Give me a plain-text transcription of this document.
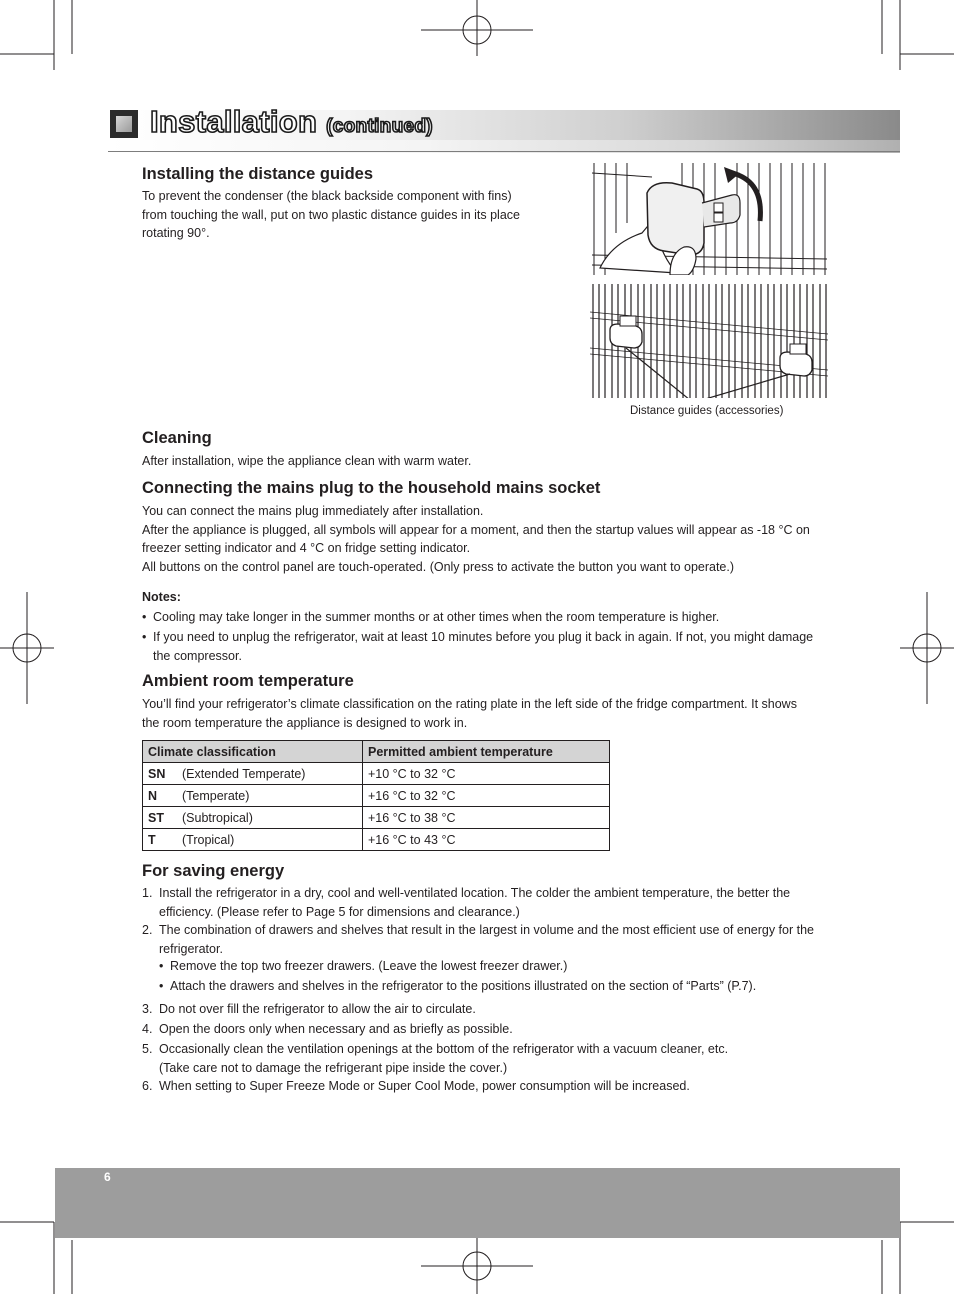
Installation (continued)
Installing the distance guides
To prevent the condenser (the black backside component with fins)
from touching the wall, put on two plastic distance guides in its place
rotating 90°.
Distance guides (accessories)
Cleaning
After installation, wipe the appliance clean with warm water.
Connecting the mains plug to the household mains socket
You can connect the mains plug immediately after installation.
After the appliance is plugged, all symbols will appear for a moment, and then the startup values will appear as -18 °C on
freezer setting indicator and 4 °C on fridge setting indicator.
All buttons on the control panel are touch-operated. (Only press to activate the button you want to operate.)
Notes:
• Cooling may take longer in the summer months or at other times when the room temperature is higher.
• If you need to unplug the refrigerator, wait at least 10 minutes before you plug it back in again. If not, you might damage
the compressor.
Ambient room temperature
You’ll find your refrigerator’s climate classification on the rating plate in the left side of the fridge compartment. It shows
the room temperature the appliance is designed to work in.
Climate classification	Permitted ambient temperature
SN (Extended Temperate)	+10 °C to 32 °C
N (Temperate)	+16 °C to 32 °C
ST (Subtropical)	+16 °C to 38 °C
T (Tropical)	+16 °C to 43 °C
For saving energy
1. Install the refrigerator in a dry, cool and well-ventilated location. The colder the ambient temperature, the better the
efficiency. (Please refer to Page 5 for dimensions and clearance.)
2. The combination of drawers and shelves that result in the largest in volume and the most efficient use of energy for the
refrigerator.
• Remove the top two freezer drawers. (Leave the lowest freezer drawer.)
• Attach the drawers and shelves in the refrigerator to the positions illustrated on the section of “Parts” (P.7).
3. Do not over fill the refrigerator to allow the air to circulate.
4. Open the doors only when necessary and as briefly as possible.
5. Occasionally clean the ventilation openings at the bottom of the refrigerator with a vacuum cleaner, etc.
(Take care not to damage the refrigerant pipe inside the cover.)
6. When setting to Super Freeze Mode or Super Cool Mode, power consumption will be increased.
6
